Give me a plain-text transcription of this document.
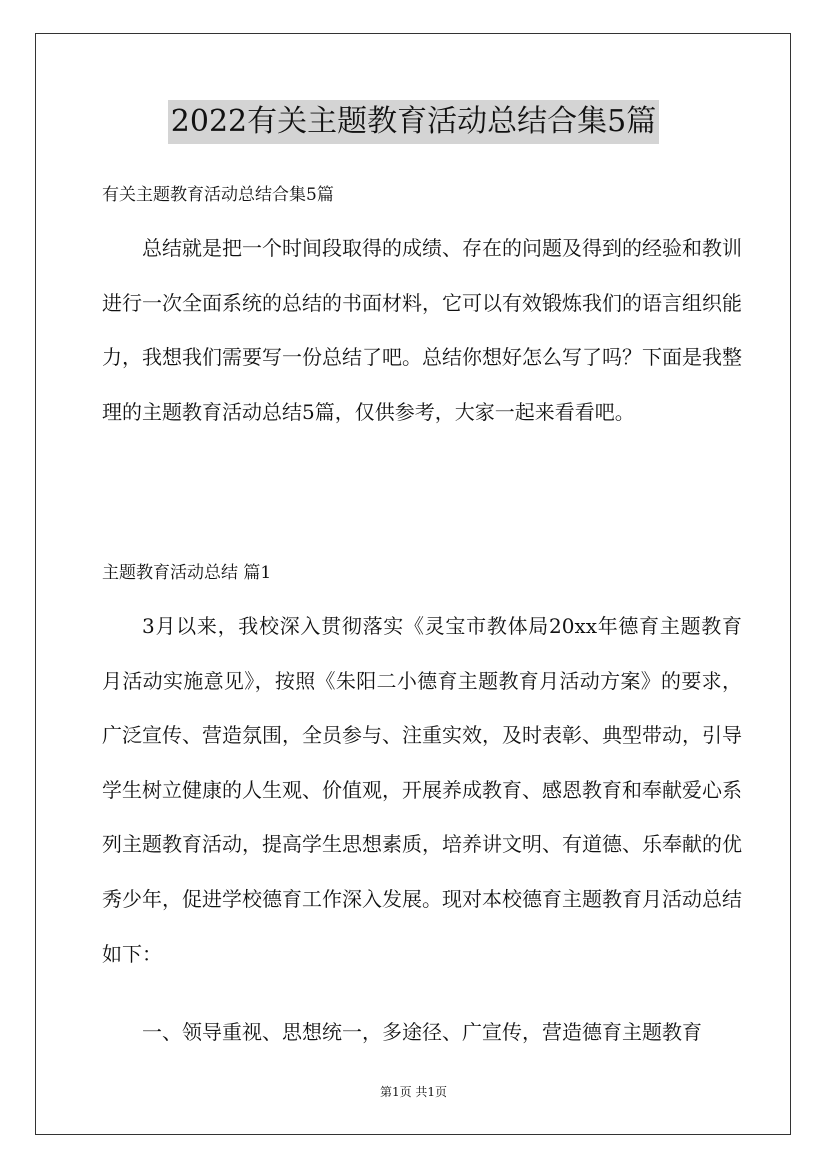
2022有关主题教育活动总结合集5篇
有关主题教育活动总结合集5篇

总结就是把一个时间段取得的成绩、存在的问题及得到的经验和教训进行一次全面系统的总结的书面材料，它可以有效锻炼我们的语言组织能力，我想我们需要写一份总结了吧。总结你想好怎么写了吗？下面是我整理的主题教育活动总结5篇，仅供参考，大家一起来看看吧。

主题教育活动总结 篇1

3月以来，我校深入贯彻落实《灵宝市教体局20xx年德育主题教育月活动实施意见》，按照《朱阳二小德育主题教育月活动方案》的要求，广泛宣传、营造氛围，全员参与、注重实效，及时表彰、典型带动，引导学生树立健康的人生观、价值观，开展养成教育、感恩教育和奉献爱心系列主题教育活动，提高学生思想素质，培养讲文明、有道德、乐奉献的优秀少年，促进学校德育工作深入发展。现对本校德育主题教育月活动总结如下：

一、领导重视、思想统一，多途径、广宣传，营造德育主题教育

第1页 共1页
